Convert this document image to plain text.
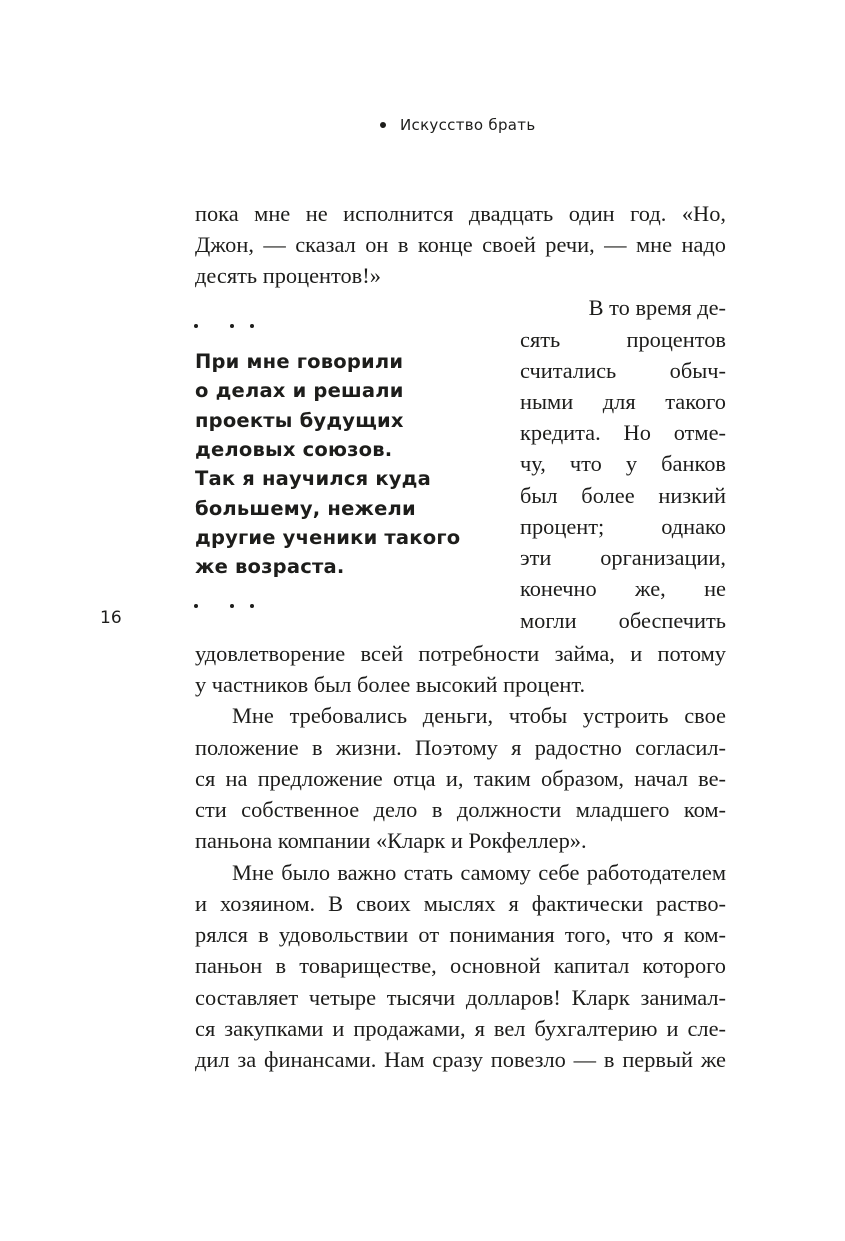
Искусство брать
пока мне не исполнится двадцать один год. «Но,
Джон, — сказал он в конце своей речи, — мне надо
десять процентов!»
В то время де-
сять процентов
считались обыч-
ными для такого
кредита. Но отме-
чу, что у банков
был более низкий
процент; однако
эти организации,
конечно же, не
могли обеспечить
При мне говорили
о делах и решали
проекты будущих
деловых союзов.
Так я научился куда
большему, нежели
другие ученики такого
же возраста.
16
удовлетворение всей потребности займа, и потому
у частников был более высокий процент.
Мне требовались деньги, чтобы устроить свое
положение в жизни. Поэтому я радостно согласил-
ся на предложение отца и, таким образом, начал ве-
сти собственное дело в должности младшего ком-
паньона компании «Кларк и Рокфеллер».
Мне было важно стать самому себе работодателем
и хозяином. В своих мыслях я фактически раство-
рялся в удовольствии от понимания того, что я ком-
паньон в товариществе, основной капитал которого
составляет четыре тысячи долларов! Кларк занимал-
ся закупками и продажами, я вел бухгалтерию и сле-
дил за финансами. Нам сразу повезло — в первый же
